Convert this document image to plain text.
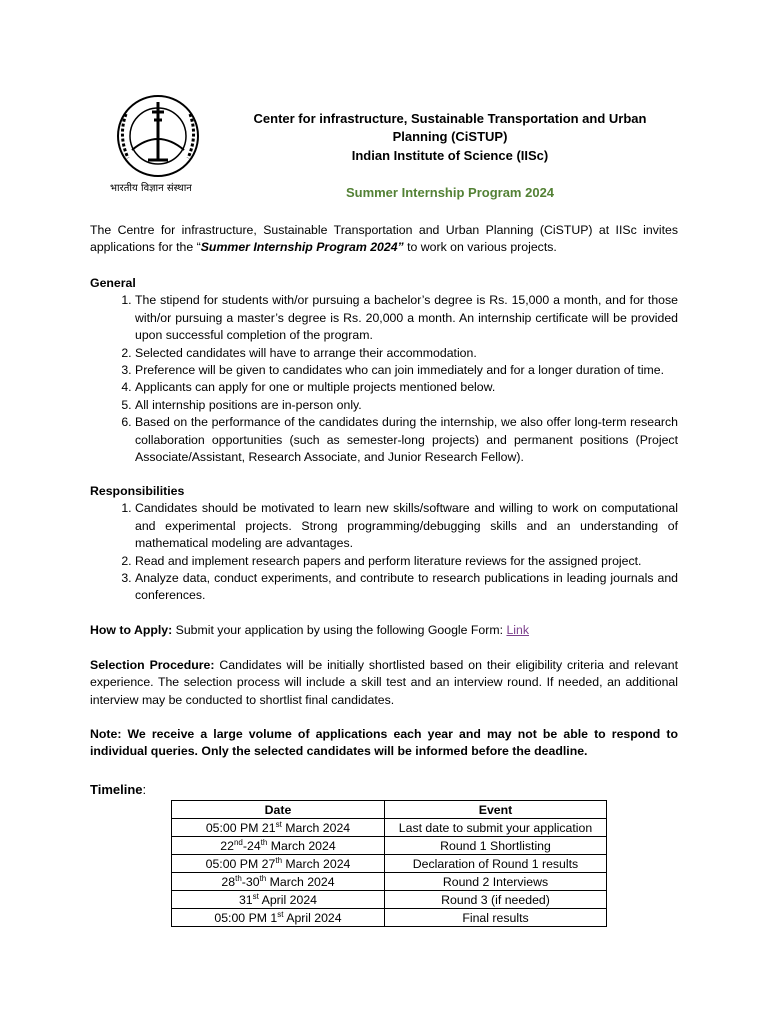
भारतीय विज्ञान संस्थान
Center for infrastructure, Sustainable Transportation and Urban
Planning (CiSTUP)
Indian Institute of Science (IISc)
Summer Internship Program 2024
The Centre for infrastructure, Sustainable Transportation and Urban Planning (CiSTUP) at IISc invites applications for the “Summer Internship Program 2024” to work on various projects.
General
1. The stipend for students with/or pursuing a bachelor’s degree is Rs. 15,000 a month, and for those with/or pursuing a master’s degree is Rs. 20,000 a month. An internship certificate will be provided upon successful completion of the program.
2. Selected candidates will have to arrange their accommodation.
3. Preference will be given to candidates who can join immediately and for a longer duration of time.
4. Applicants can apply for one or multiple projects mentioned below.
5. All internship positions are in-person only.
6. Based on the performance of the candidates during the internship, we also offer long-term research collaboration opportunities (such as semester-long projects) and permanent positions (Project Associate/Assistant, Research Associate, and Junior Research Fellow).
Responsibilities
1. Candidates should be motivated to learn new skills/software and willing to work on computational and experimental projects. Strong programming/debugging skills and an understanding of mathematical modeling are advantages.
2. Read and implement research papers and perform literature reviews for the assigned project.
3. Analyze data, conduct experiments, and contribute to research publications in leading journals and conferences.
How to Apply: Submit your application by using the following Google Form: Link
Selection Procedure: Candidates will be initially shortlisted based on their eligibility criteria and relevant experience. The selection process will include a skill test and an interview round. If needed, an additional interview may be conducted to shortlist final candidates.
Note: We receive a large volume of applications each year and may not be able to respond to individual queries. Only the selected candidates will be informed before the deadline.
Timeline:
Date	Event
05:00 PM 21st March 2024	Last date to submit your application
22nd-24th March 2024	Round 1 Shortlisting
05:00 PM 27th March 2024	Declaration of Round 1 results
28th-30th March 2024	Round 2 Interviews
31st April 2024	Round 3 (if needed)
05:00 PM 1st April 2024	Final results
